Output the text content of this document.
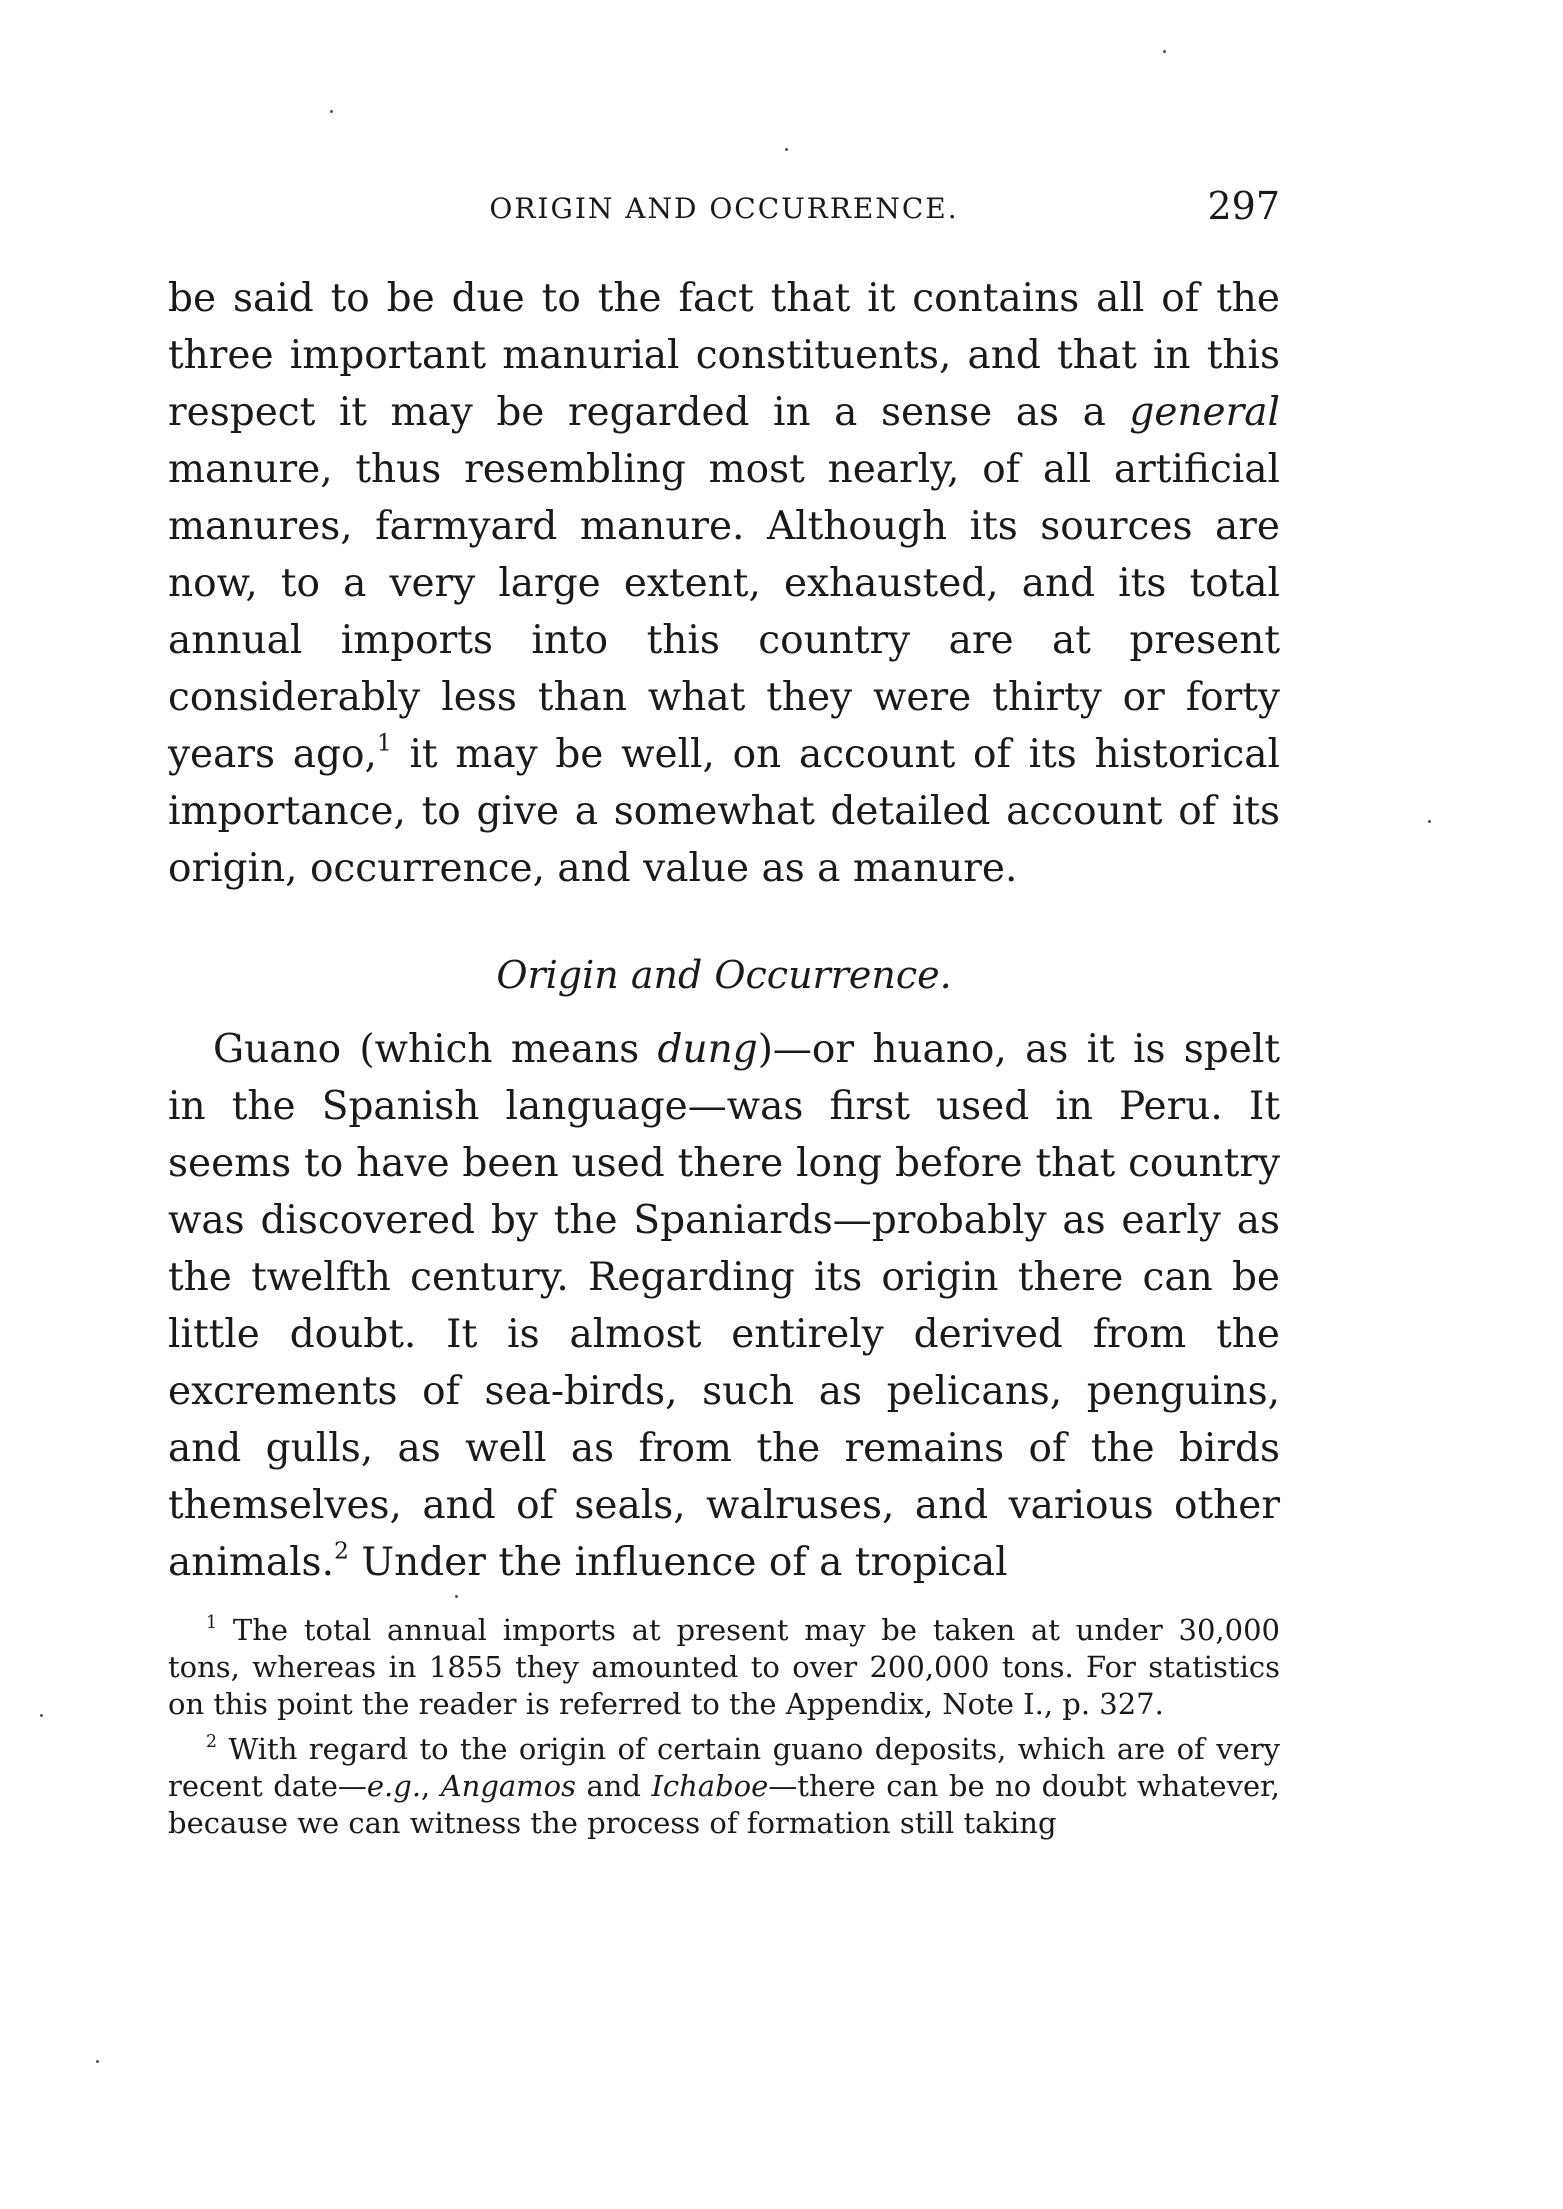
ORIGIN AND OCCURRENCE.	297

be said to be due to the fact that it contains all of the three important manurial constituents, and that in this respect it may be regarded in a sense as a general manure, thus resembling most nearly, of all artificial manures, farmyard manure. Although its sources are now, to a very large extent, exhausted, and its total annual imports into this country are at present considerably less than what they were thirty or forty years ago,$^1$ it may be well, on account of its historical importance, to give a somewhat detailed account of its origin, occurrence, and value as a manure.

Origin and Occurrence.

Guano (which means dung)—or huano, as it is spelt in the Spanish language—was first used in Peru. It seems to have been used there long before that country was discovered by the Spaniards—probably as early as the twelfth century. Regarding its origin there can be little doubt. It is almost entirely derived from the excrements of sea-birds, such as pelicans, penguins, and gulls, as well as from the remains of the birds themselves, and of seals, walruses, and various other animals.$^2$ Under the influence of a tropical

$^1$ The total annual imports at present may be taken at under 30,000 tons, whereas in 1855 they amounted to over 200,000 tons. For statistics on this point the reader is referred to the Appendix, Note I., p. 327.

$^2$ With regard to the origin of certain guano deposits, which are of very recent date—e.g., Angamos and Ichaboe—there can be no doubt whatever, because we can witness the process of formation still taking
